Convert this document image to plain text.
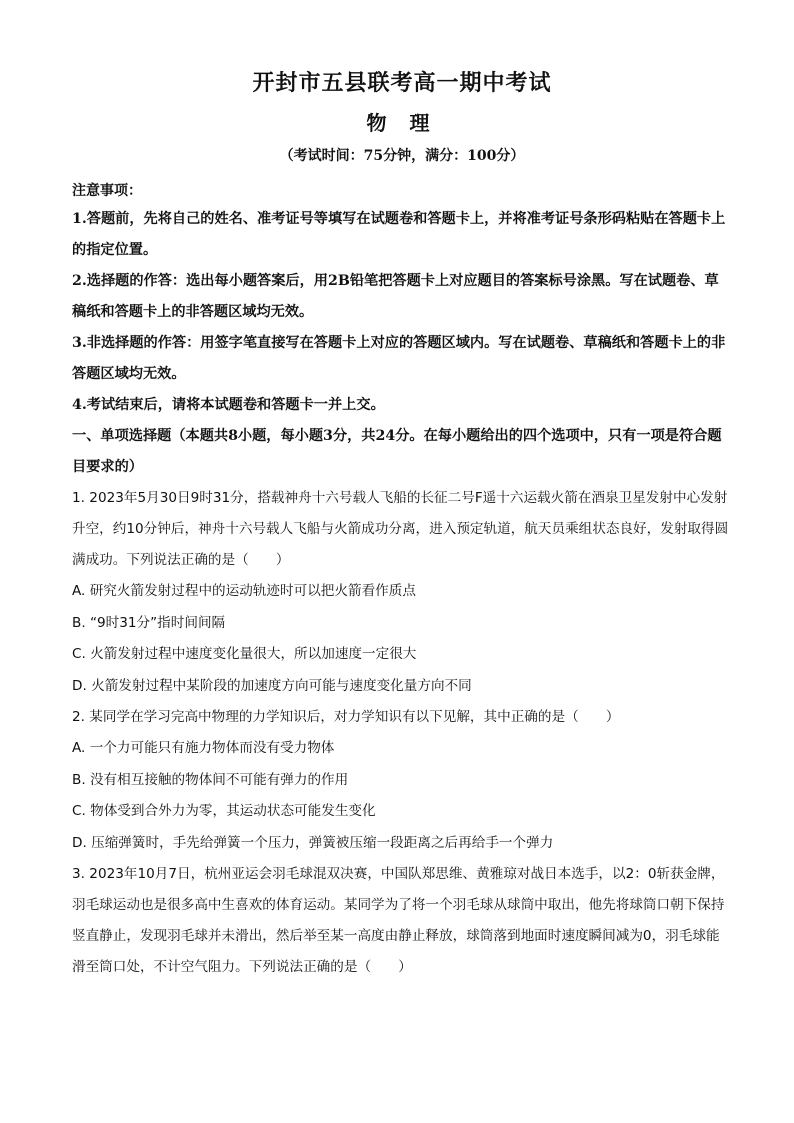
开封市五县联考高一期中考试
物 理
（考试时间：75分钟，满分：100分）
注意事项：

1.答题前，先将自己的姓名、准考证号等填写在试题卷和答题卡上，并将准考证号条形码粘贴在答题卡上的指定位置。

2.选择题的作答：选出每小题答案后，用2B铅笔把答题卡上对应题目的答案标号涂黑。写在试题卷、草稿纸和答题卡上的非答题区域均无效。

3.非选择题的作答：用签字笔直接写在答题卡上对应的答题区域内。写在试题卷、草稿纸和答题卡上的非答题区域均无效。

4.考试结束后，请将本试题卷和答题卡一并上交。

一、单项选择题（本题共8小题，每小题3分，共24分。在每小题给出的四个选项中，只有一项是符合题目要求的）

1. 2023年5月30日9时31分，搭载神舟十六号载人飞船的长征二号F遥十六运载火箭在酒泉卫星发射中心发射升空，约10分钟后，神舟十六号载人飞船与火箭成功分离，进入预定轨道，航天员乘组状态良好，发射取得圆满成功。下列说法正确的是（　　）

A. 研究火箭发射过程中的运动轨迹时可以把火箭看作质点

B. “9时31分”指时间间隔

C. 火箭发射过程中速度变化量很大，所以加速度一定很大

D. 火箭发射过程中某阶段的加速度方向可能与速度变化量方向不同

2. 某同学在学习完高中物理的力学知识后，对力学知识有以下见解，其中正确的是（　　）

A. 一个力可能只有施力物体而没有受力物体

B. 没有相互接触的物体间不可能有弹力的作用

C. 物体受到合外力为零，其运动状态可能发生变化

D. 压缩弹簧时，手先给弹簧一个压力，弹簧被压缩一段距离之后再给手一个弹力

3. 2023年10月7日，杭州亚运会羽毛球混双决赛，中国队郑思维、黄雅琼对战日本选手，以2：0斩获金牌，羽毛球运动也是很多高中生喜欢的体育运动。某同学为了将一个羽毛球从球筒中取出，他先将球筒口朝下保持竖直静止，发现羽毛球并未滑出，然后举至某一高度由静止释放，球筒落到地面时速度瞬间减为0，羽毛球能滑至筒口处，不计空气阻力。下列说法正确的是（　　）
